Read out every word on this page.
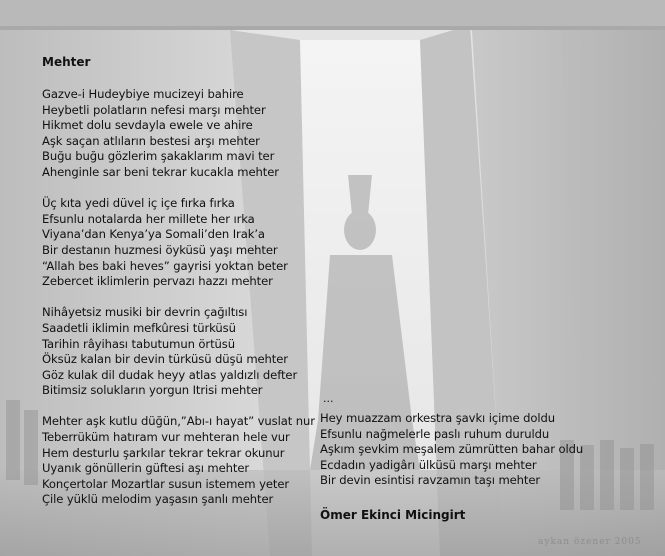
Mehter
Gazve-i Hudeybiye mucizeyi bahire
Heybetli polatların nefesi marşı mehter
Hikmet dolu sevdayla ewele ve ahire
Aşk saçan atlıların bestesi arşı mehter
Buğu buğu gözlerim şakaklarım mavi ter
Ahenginle sar beni tekrar kucakla mehter
Üç kıta yedi düvel iç içe fırka fırka
Efsunlu notalarda her millete her ırka
Viyana’dan Kenya’ya Somali’den Irak’a
Bir destanın huzmesi öyküsü yaşı mehter
“Allah bes baki heves” gayrisi yoktan beter
Zebercet iklimlerin pervazı hazzı mehter
Nihâyetsiz musiki bir devrin çağıltısı
Saadetli iklimin mefkûresi türküsü
Tarihin râyihası tabutumun örtüsü
Öksüz kalan bir devin türküsü düşü mehter
Göz kulak dil dudak heyy atlas yaldızlı defter
Bitimsiz solukların yorgun Itrisi mehter
Mehter aşk kutlu düğün,”Abı-ı hayat” vuslat nur
Teberrüküm hatıram vur mehteran hele vur
Hem desturlu şarkılar tekrar tekrar okunur
Uyanık gönüllerin güftesi aşı mehter
Konçertolar Mozartlar susun istemem yeter
Çile yüklü melodim yaşasın şanlı mehter
...
Hey muazzam orkestra şavkı içime doldu
Efsunlu nağmelerle paslı ruhum duruldu
Aşkım şevkim meşalem zümrütten bahar oldu
Ecdadın yadigârı ülküsü marşı mehter
Bir devin esintisi ravzamın taşı mehter
Ömer Ekinci Micingirt
aykan özener 2005
